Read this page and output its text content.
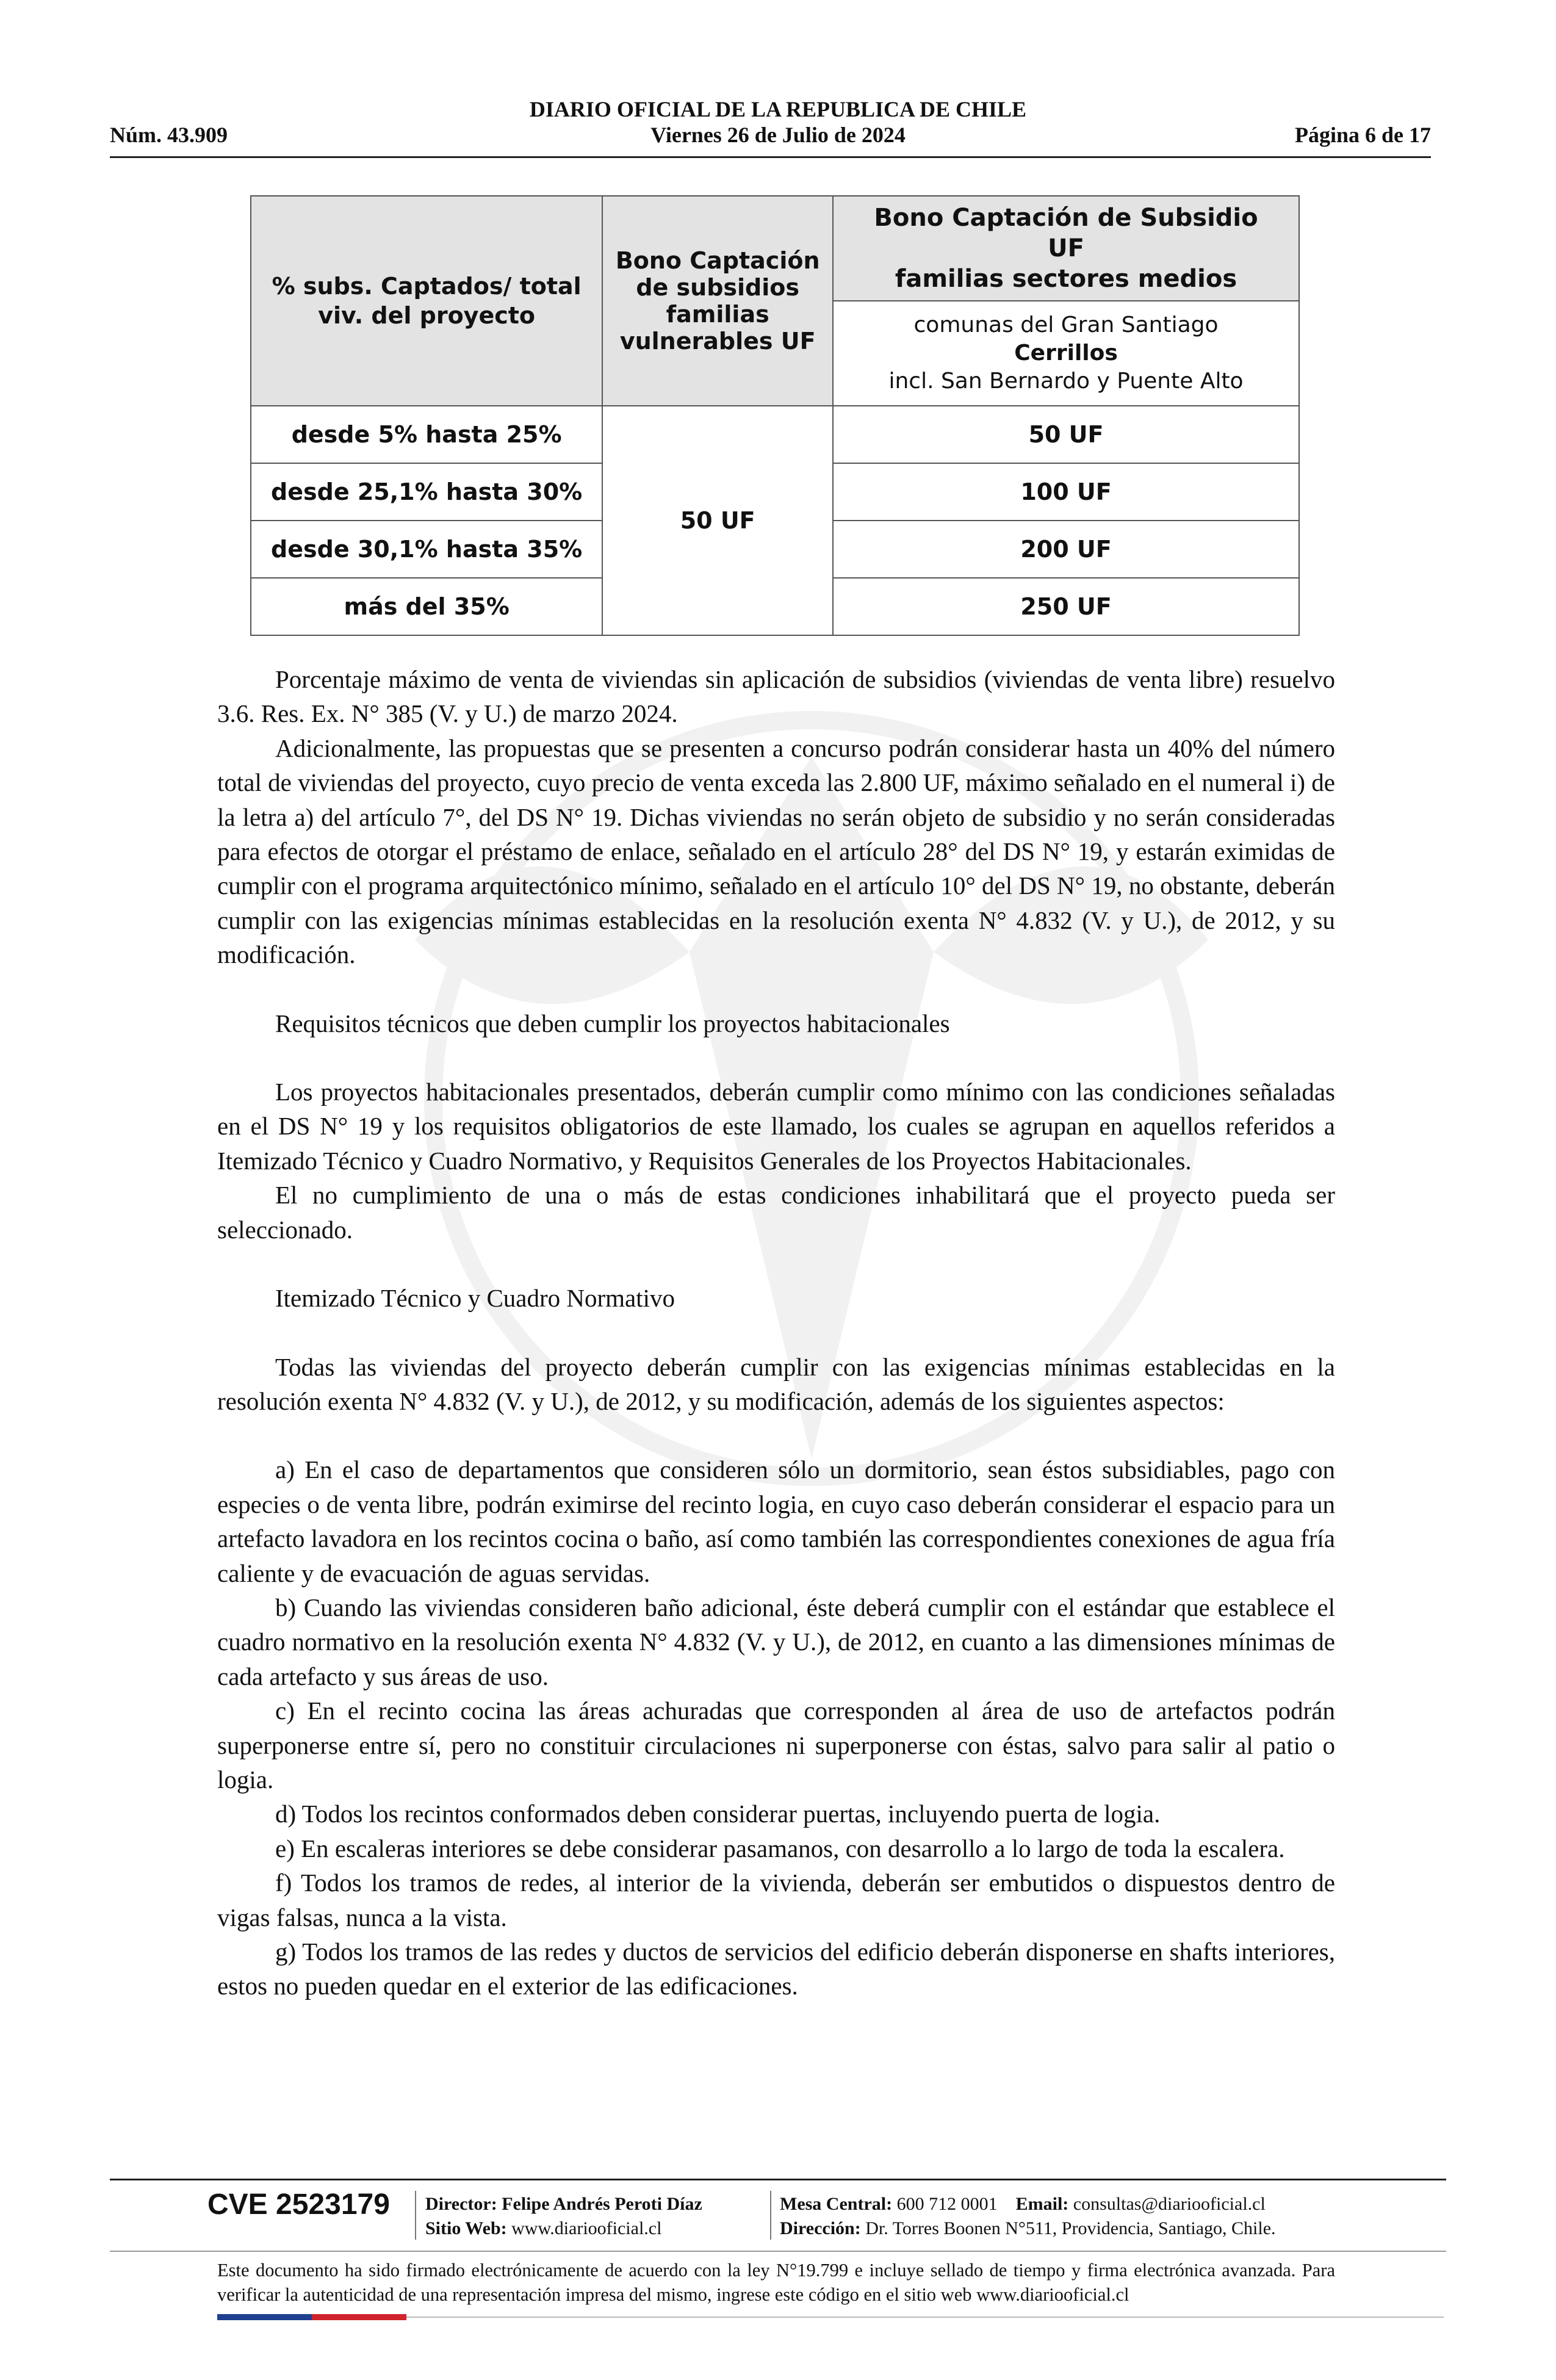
DIARIO OFICIAL DE LA REPUBLICA DE CHILE
Núm. 43.909	Viernes 26 de Julio de 2024	Página 6 de 17
% subs. Captados/ total viv. del proyecto	Bono Captación de subsidios familias vulnerables UF	Bono Captación de Subsidio
UF
familias sectores medios

		comunas del Gran Santiago
Cerrillos
incl. San Bernardo y Puente Alto

desde 5% hasta 25%	50 UF	50 UF
desde 25,1% hasta 30%		100 UF
desde 30,1% hasta 35%		200 UF
más del 35%		250 UF

Porcentaje máximo de venta de viviendas sin aplicación de subsidios (viviendas de venta libre) resuelvo 3.6. Res. Ex. N° 385 (V. y U.) de marzo 2024.

Adicionalmente, las propuestas que se presenten a concurso podrán considerar hasta un 40% del número total de viviendas del proyecto, cuyo precio de venta exceda las 2.800 UF, máximo señalado en el numeral i) de la letra a) del artículo 7°, del DS N° 19. Dichas viviendas no serán objeto de subsidio y no serán consideradas para efectos de otorgar el préstamo de enlace, señalado en el artículo 28° del DS N° 19, y estarán eximidas de cumplir con el programa arquitectónico mínimo, señalado en el artículo 10° del DS N° 19, no obstante, deberán cumplir con las exigencias mínimas establecidas en la resolución exenta N° 4.832 (V. y U.), de 2012, y su modificación.

Requisitos técnicos que deben cumplir los proyectos habitacionales

Los proyectos habitacionales presentados, deberán cumplir como mínimo con las condiciones señaladas en el DS N° 19 y los requisitos obligatorios de este llamado, los cuales se agrupan en aquellos referidos a Itemizado Técnico y Cuadro Normativo, y Requisitos Generales de los Proyectos Habitacionales.

El no cumplimiento de una o más de estas condiciones inhabilitará que el proyecto pueda ser seleccionado.

Itemizado Técnico y Cuadro Normativo

Todas las viviendas del proyecto deberán cumplir con las exigencias mínimas establecidas en la resolución exenta N° 4.832 (V. y U.), de 2012, y su modificación, además de los siguientes aspectos:

a) En el caso de departamentos que consideren sólo un dormitorio, sean éstos subsidiables, pago con especies o de venta libre, podrán eximirse del recinto logia, en cuyo caso deberán considerar el espacio para un artefacto lavadora en los recintos cocina o baño, así como también las correspondientes conexiones de agua fría caliente y de evacuación de aguas servidas.

b) Cuando las viviendas consideren baño adicional, éste deberá cumplir con el estándar que establece el cuadro normativo en la resolución exenta N° 4.832 (V. y U.), de 2012, en cuanto a las dimensiones mínimas de cada artefacto y sus áreas de uso.

c) En el recinto cocina las áreas achuradas que corresponden al área de uso de artefactos podrán superponerse entre sí, pero no constituir circulaciones ni superponerse con éstas, salvo para salir al patio o logia.

d) Todos los recintos conformados deben considerar puertas, incluyendo puerta de logia.

e) En escaleras interiores se debe considerar pasamanos, con desarrollo a lo largo de toda la escalera.

f) Todos los tramos de redes, al interior de la vivienda, deberán ser embutidos o dispuestos dentro de vigas falsas, nunca a la vista.

g) Todos los tramos de las redes y ductos de servicios del edificio deberán disponerse en shafts interiores, estos no pueden quedar en el exterior de las edificaciones.

CVE 2523179 Director: Felipe Andrés Peroti Díaz
Sitio Web: www.diariooficial.cl
Mesa Central: 600 712 0001 Email: consultas@diariooficial.cl
Dirección: Dr. Torres Boonen N°511, Providencia, Santiago, Chile.
Este documento ha sido firmado electrónicamente de acuerdo con la ley N°19.799 e incluye sellado de tiempo y firma electrónica avanzada. Para verificar la autenticidad de una representación impresa del mismo, ingrese este código en el sitio web www.diariooficial.cl
